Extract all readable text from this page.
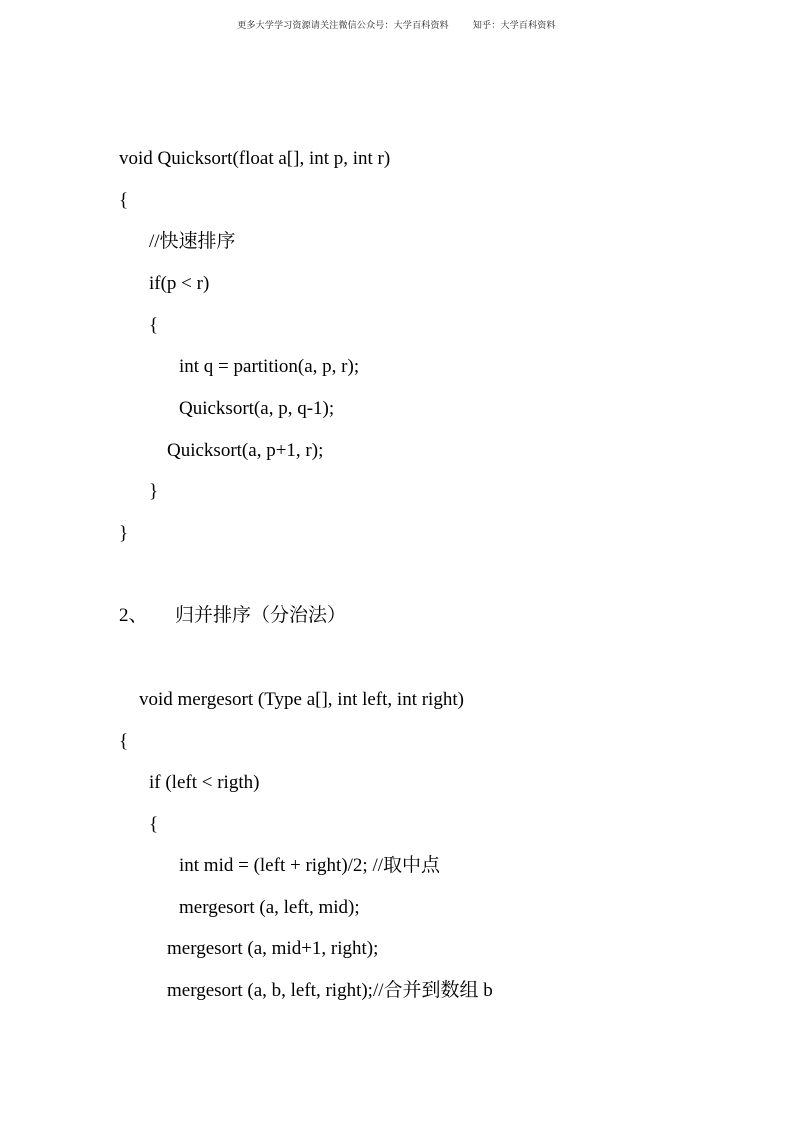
更多大学学习资源请关注微信公众号：大学百科资料	知乎：大学百科资料
void Quicksort(float a[], int p, int r)
{
//快速排序
if(p < r)
{
int q = partition(a, p, r);
Quicksort(a, p, q-1);
Quicksort(a, p+1, r);
}
}
2、 归并排序（分治法）
void mergesort (Type a[], int left, int right)
{
if (left < rigth)
{
int mid = (left + right)/2; //取中点
mergesort (a, left, mid);
mergesort (a, mid+1, right);
mergesort (a, b, left, right);//合并到数组 b
